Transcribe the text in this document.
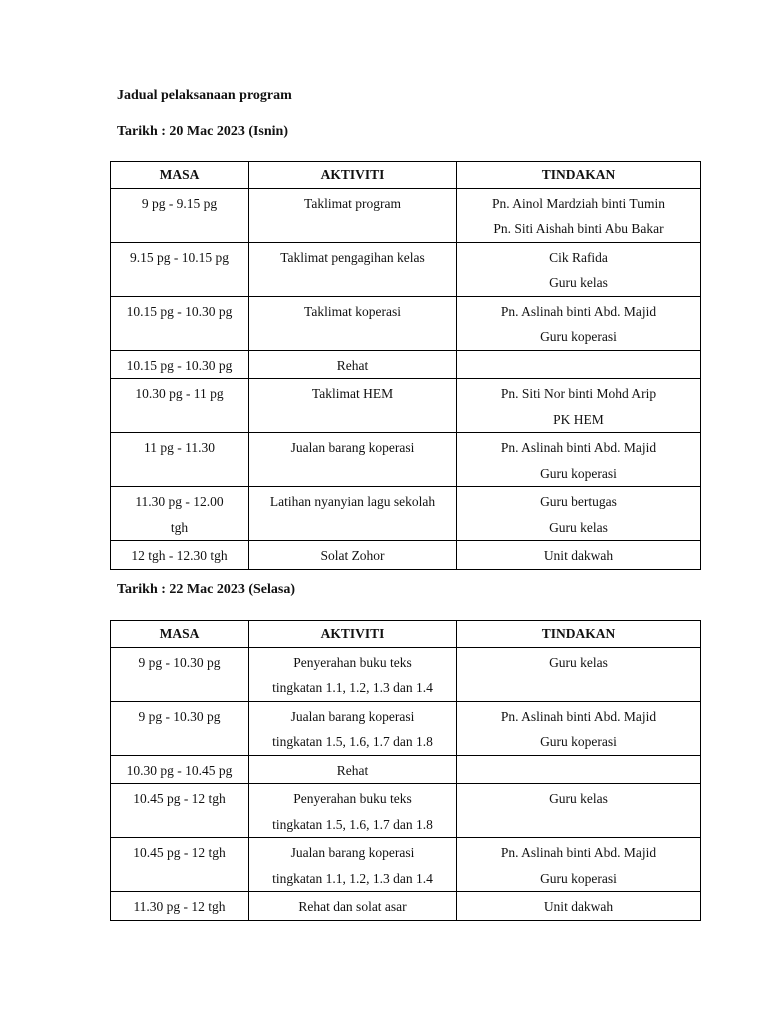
Jadual pelaksanaan program
Tarikh : 20 Mac 2023 (Isnin)
MASA	AKTIVITI	TINDAKAN

9 pg - 9.15 pg	Taklimat program	Pn. Ainol Mardziah binti Tumin
Pn. Siti Aishah binti Abu Bakar

9.15 pg - 10.15 pg	Taklimat pengagihan kelas	Cik Rafida
Guru kelas

10.15 pg - 10.30 pg	Taklimat koperasi	Pn. Aslinah binti Abd. Majid
Guru koperasi

10.15 pg - 10.30 pg	Rehat	

10.30 pg - 11 pg	Taklimat HEM	Pn. Siti Nor binti Mohd Arip
PK HEM

11 pg - 11.30	Jualan barang koperasi	Pn. Aslinah binti Abd. Majid
Guru koperasi

11.30 pg - 12.00
tgh	Latihan nyanyian lagu sekolah	Guru bertugas
Guru kelas

12 tgh - 12.30 tgh	Solat Zohor	Unit dakwah
Tarikh : 22 Mac 2023 (Selasa)
MASA	AKTIVITI	TINDAKAN

9 pg - 10.30 pg	Penyerahan buku teks
tingkatan 1.1, 1.2, 1.3 dan 1.4	Guru kelas

9 pg - 10.30 pg	Jualan barang koperasi
tingkatan 1.5, 1.6, 1.7 dan 1.8	Pn. Aslinah binti Abd. Majid
Guru koperasi

10.30 pg - 10.45 pg	Rehat	

10.45 pg - 12 tgh	Penyerahan buku teks
tingkatan 1.5, 1.6, 1.7 dan 1.8	Guru kelas

10.45 pg - 12 tgh	Jualan barang koperasi
tingkatan 1.1, 1.2, 1.3 dan 1.4	Pn. Aslinah binti Abd. Majid
Guru koperasi

11.30 pg - 12 tgh	Rehat dan solat asar	Unit dakwah
